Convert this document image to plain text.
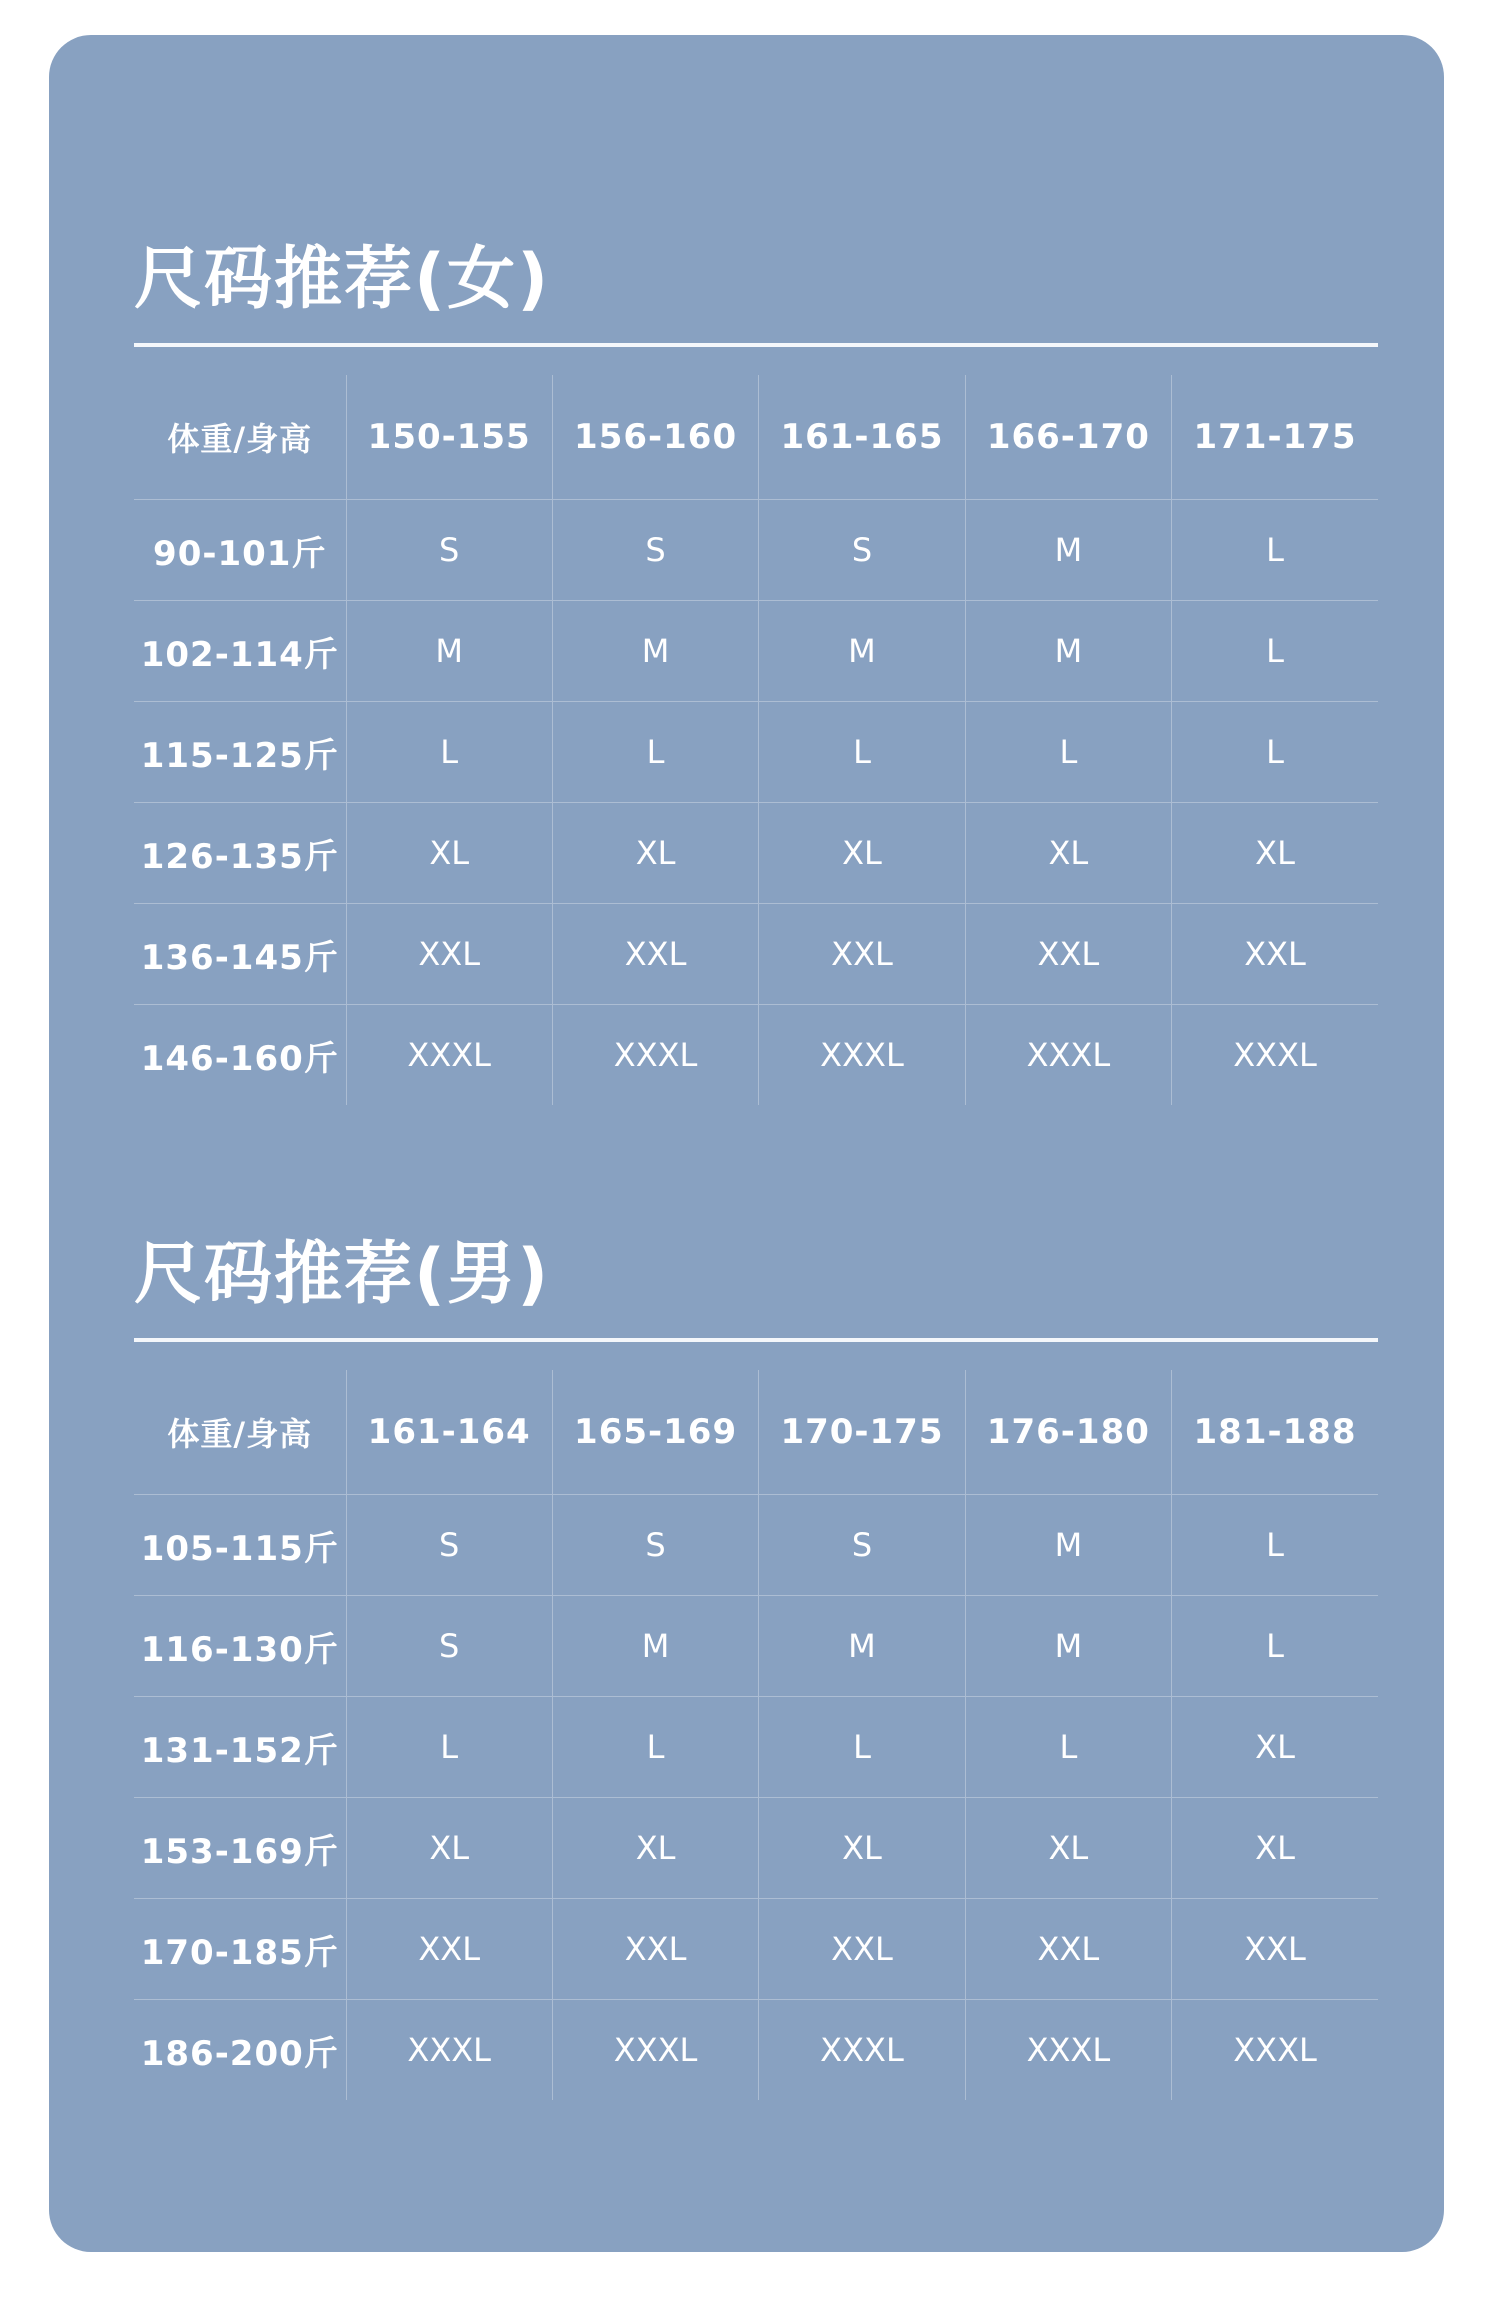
尺码推荐(女)
体重/身高	150-155	156-160	161-165	166-170	171-175
90-101斤	S	S	S	M	L
102-114斤	M	M	M	M	L
115-125斤	L	L	L	L	L
126-135斤	XL	XL	XL	XL	XL
136-145斤	XXL	XXL	XXL	XXL	XXL
146-160斤	XXXL	XXXL	XXXL	XXXL	XXXL
尺码推荐(男)
体重/身高	161-164	165-169	170-175	176-180	181-188
105-115斤	S	S	S	M	L
116-130斤	S	M	M	M	L
131-152斤	L	L	L	L	XL
153-169斤	XL	XL	XL	XL	XL
170-185斤	XXL	XXL	XXL	XXL	XXL
186-200斤	XXXL	XXXL	XXXL	XXXL	XXXL
